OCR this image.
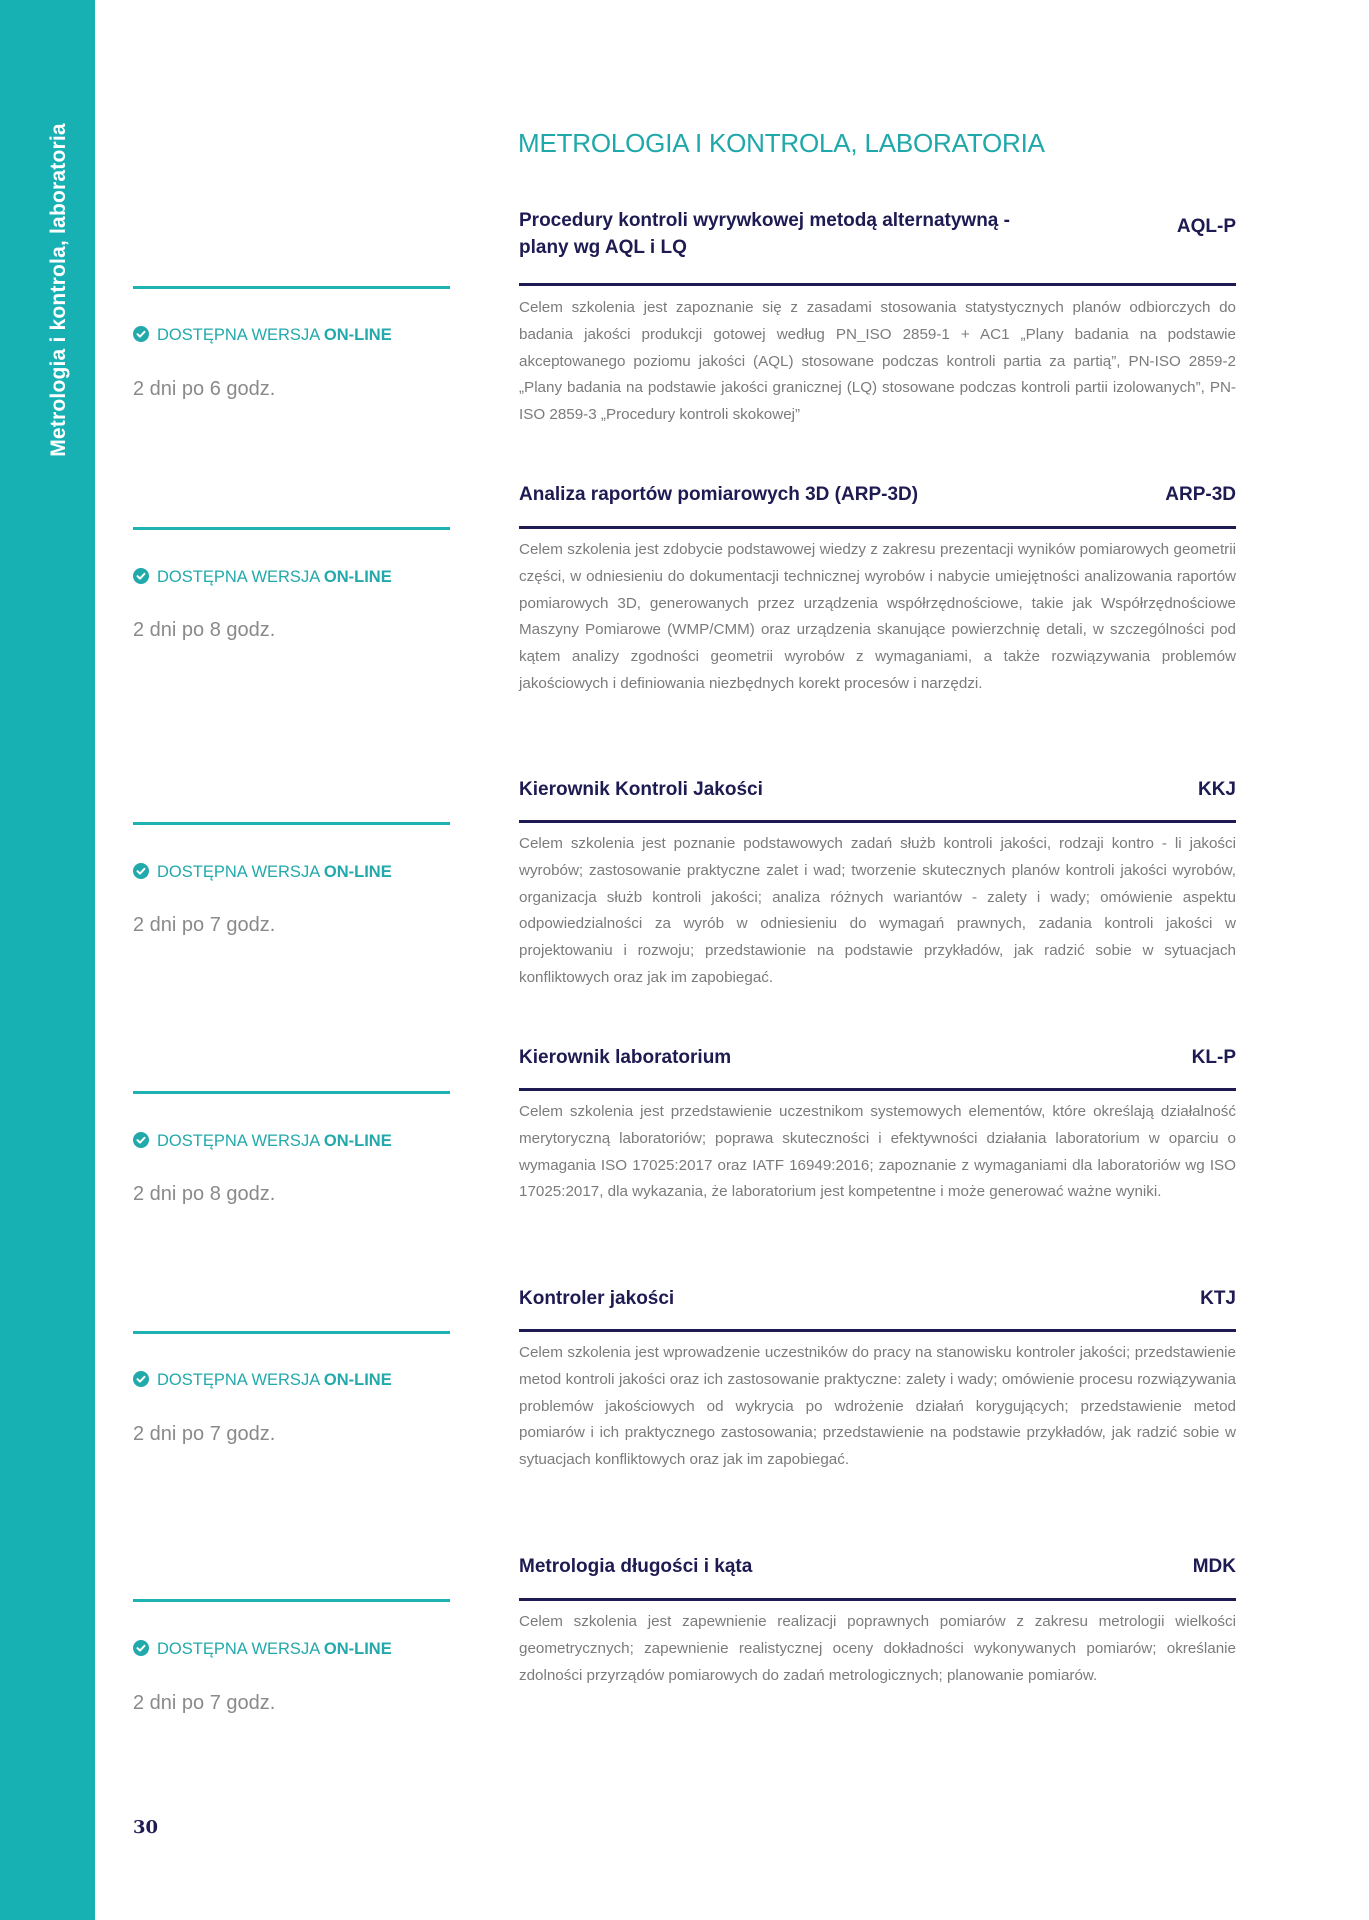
Metrologia i kontrola, laboratoria	METROLOGIA I KONTROLA, LABORATORIA
Procedury kontroli wyrywkowej metodą alternatywną - plany wg AQL i LQ
AQL-P
Celem szkolenia jest zapoznanie się z zasadami stosowania statystycznych planów odbiorczych do badania jakości produkcji gotowej według PN_ISO 2859-1 + AC1 „Plany badania na podstawie akceptowanego poziomu jakości (AQL) stosowane podczas kontroli partia za partią”, PN-ISO 2859-2 „Plany badania na podstawie jakości granicznej (LQ) stosowane podczas kontroli partii izolowanych”, PN-ISO 2859-3 „Procedury kontroli skokowej”
DOSTĘPNA WERSJA ON-LINE
2 dni po 6 godz.
Analiza raportów pomiarowych 3D (ARP-3D)	ARP-3D
Celem szkolenia jest zdobycie podstawowej wiedzy z zakresu prezentacji wyników pomiarowych geometrii części, w odniesieniu do dokumentacji technicznej wyrobów i nabycie umiejętności analizowania raportów pomiarowych 3D, generowanych przez urządzenia współrzędnościowe, takie jak Współrzędnościowe Maszyny Pomiarowe (WMP/CMM) oraz urządzenia skanujące powierzchnię detali, w szczególności pod kątem analizy zgodności geometrii wyrobów z wymaganiami, a także rozwiązywania problemów jakościowych i definiowania niezbędnych korekt procesów i narzędzi.
DOSTĘPNA WERSJA ON-LINE
2 dni po 8 godz.
Kierownik Kontroli Jakości	KKJ
Celem szkolenia jest poznanie podstawowych zadań służb kontroli jakości, rodzaji kontro - li jakości wyrobów; zastosowanie praktyczne zalet i wad; tworzenie skutecznych planów kontroli jakości wyrobów, organizacja służb kontroli jakości; analiza różnych wariantów - zalety i wady; omówienie aspektu odpowiedzialności za wyrób w odniesieniu do wymagań prawnych, zadania kontroli jakości w projektowaniu i rozwoju; przedstawionie na podstawie przykładów, jak radzić sobie w sytuacjach konfliktowych oraz jak im zapobiegać.
DOSTĘPNA WERSJA ON-LINE
2 dni po 7 godz.
Kierownik laboratorium	KL-P
Celem szkolenia jest przedstawienie uczestnikom systemowych elementów, które określają działalność merytoryczną laboratoriów; poprawa skuteczności i efektywności działania laboratorium w oparciu o wymagania ISO 17025:2017 oraz IATF 16949:2016; zapoznanie z wymaganiami dla laboratoriów wg ISO 17025:2017, dla wykazania, że laboratorium jest kompetentne i może generować ważne wyniki.
DOSTĘPNA WERSJA ON-LINE
2 dni po 8 godz.
Kontroler jakości	KTJ
Celem szkolenia jest wprowadzenie uczestników do pracy na stanowisku kontroler jakości; przedstawienie metod kontroli jakości oraz ich zastosowanie praktyczne: zalety i wady; omówienie procesu rozwiązywania problemów jakościowych od wykrycia po wdrożenie działań korygujących; przedstawienie metod pomiarów i ich praktycznego zastosowania; przedstawienie na podstawie przykładów, jak radzić sobie w sytuacjach konfliktowych oraz jak im zapobiegać.
DOSTĘPNA WERSJA ON-LINE
2 dni po 7 godz.
Metrologia długości i kąta	MDK
Celem szkolenia jest zapewnienie realizacji poprawnych pomiarów z zakresu metrologii wielkości geometrycznych; zapewnienie realistycznej oceny dokładności wykonywanych pomiarów; określanie zdolności przyrządów pomiarowych do zadań metrologicznych; planowanie pomiarów.
DOSTĘPNA WERSJA ON-LINE
2 dni po 7 godz.
30
